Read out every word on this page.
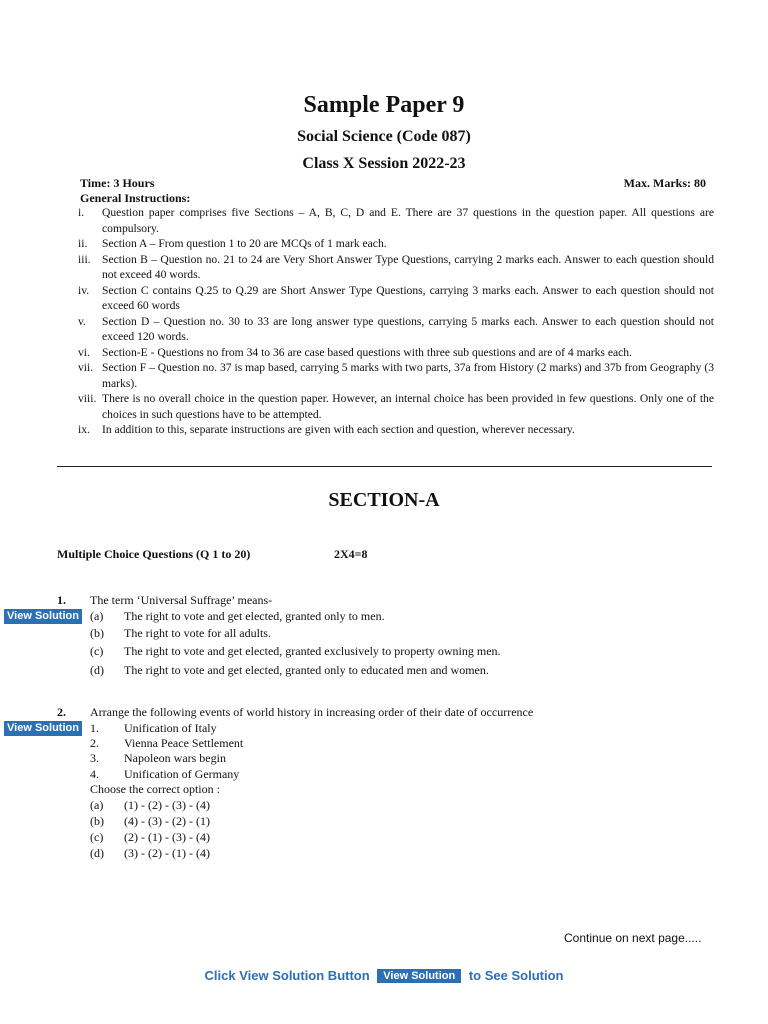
Sample Paper 9
Social Science (Code 087)
Class X Session 2022-23
Time: 3 Hours	Max. Marks: 80
General Instructions:
i. Question paper comprises five Sections – A, B, C, D and E. There are 37 questions in the question paper. All questions are compulsory.
ii. Section A – From question 1 to 20 are MCQs of 1 mark each.
iii. Section B – Question no. 21 to 24 are Very Short Answer Type Questions, carrying 2 marks each. Answer to each question should not exceed 40 words.
iv. Section C contains Q.25 to Q.29 are Short Answer Type Questions, carrying 3 marks each. Answer to each question should not exceed 60 words
v. Section D – Question no. 30 to 33 are long answer type questions, carrying 5 marks each. Answer to each question should not exceed 120 words.
vi. Section-E - Questions no from 34 to 36 are case based questions with three sub questions and are of 4 marks each.
vii. Section F – Question no. 37 is map based, carrying 5 marks with two parts, 37a from History (2 marks) and 37b from Geography (3 marks).
viii. There is no overall choice in the question paper. However, an internal choice has been provided in few questions. Only one of the choices in such questions have to be attempted.
ix. In addition to this, separate instructions are given with each section and question, wherever necessary.
SECTION-A
Multiple Choice Questions (Q 1 to 20)	2X4=8
1. The term ‘Universal Suffrage’ means-
(a) The right to vote and get elected, granted only to men.
(b) The right to vote for all adults.
(c) The right to vote and get elected, granted exclusively to property owning men.
(d) The right to vote and get elected, granted only to educated men and women.
View Solution
2. Arrange the following events of world history in increasing order of their date of occurrence
1. Unification of Italy
2. Vienna Peace Settlement
3. Napoleon wars begin
4. Unification of Germany
Choose the correct option :
(a) (1) - (2) - (3) - (4)
(b) (4) - (3) - (2) - (1)
(c) (2) - (1) - (3) - (4)
(d) (3) - (2) - (1) - (4)
View Solution
Continue on next page.....
Click View Solution Button View Solution to See Solution
